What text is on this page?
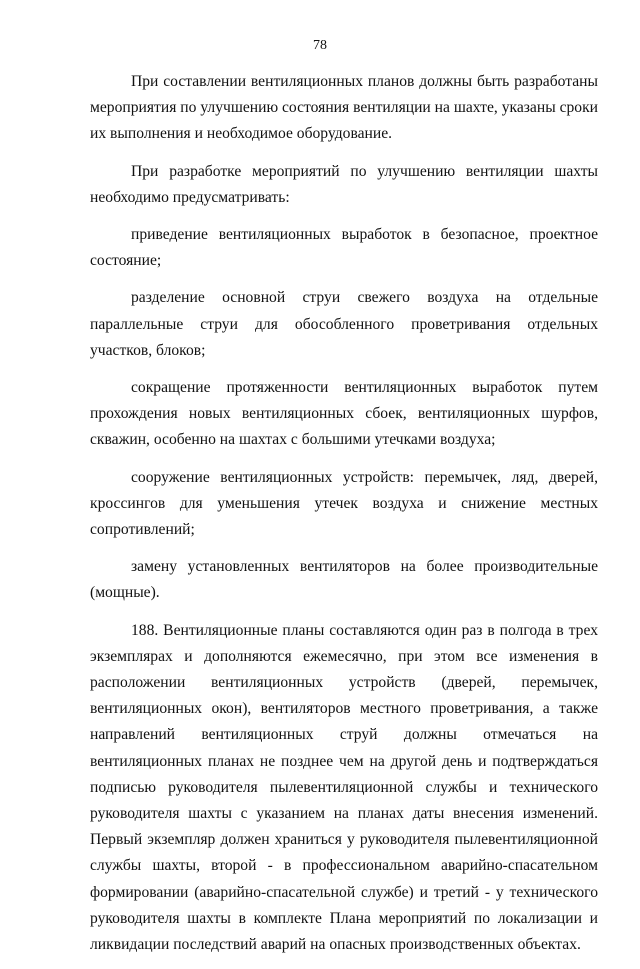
78

При составлении вентиляционных планов должны быть разработаны мероприятия по улучшению состояния вентиляции на шахте, указаны сроки их выполнения и необходимое оборудование.

При разработке мероприятий по улучшению вентиляции шахты необходимо предусматривать:

приведение вентиляционных выработок в безопасное, проектное состояние;

разделение основной струи свежего воздуха на отдельные параллельные струи для обособленного проветривания отдельных участков, блоков;

сокращение протяженности вентиляционных выработок путем прохождения новых вентиляционных сбоек, вентиляционных шурфов, скважин, особенно на шахтах с большими утечками воздуха;

сооружение вентиляционных устройств: перемычек, ляд, дверей, кроссингов для уменьшения утечек воздуха и снижение местных сопротивлений;

замену установленных вентиляторов на более производительные (мощные).

188. Вентиляционные планы составляются один раз в полгода в трех экземплярах и дополняются ежемесячно, при этом все изменения в расположении вентиляционных устройств (дверей, перемычек, вентиляционных окон), вентиляторов местного проветривания, а также направлений вентиляционных струй должны отмечаться на вентиляционных планах не позднее чем на другой день и подтверждаться подписью руководителя пылевентиляционной службы и технического руководителя шахты с указанием на планах даты внесения изменений. Первый экземпляр должен храниться у руководителя пылевентиляционной службы шахты, второй - в профессиональном аварийно-спасательном формировании (аварийно-спасательной службе) и третий - у технического руководителя шахты в комплекте Плана мероприятий по локализации и ликвидации последствий аварий на опасных производственных объектах.
